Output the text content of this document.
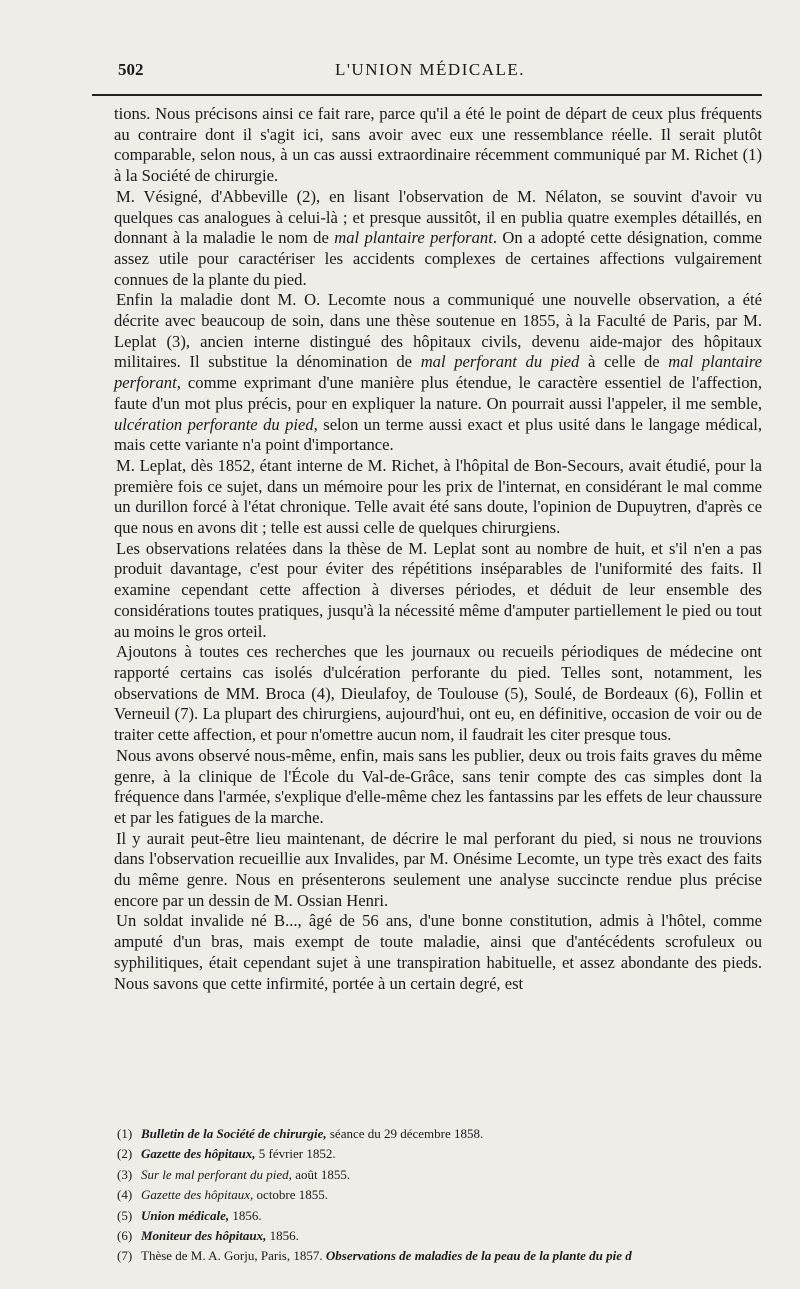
502	L'UNION MÉDICALE.

tions. Nous précisons ainsi ce fait rare, parce qu'il a été le point de départ de ceux plus fréquents au contraire dont il s'agit ici, sans avoir avec eux une ressemblance réelle. Il serait plutôt comparable, selon nous, à un cas aussi extraordinaire récemment communiqué par M. Richet (1) à la Société de chirurgie.

M. Vésigné, d'Abbeville (2), en lisant l'observation de M. Nélaton, se souvint d'avoir vu quelques cas analogues à celui-là ; et presque aussitôt, il en publia quatre exemples détaillés, en donnant à la maladie le nom de mal plantaire perforant. On a adopté cette désignation, comme assez utile pour caractériser les accidents complexes de certaines affections vulgairement connues de la plante du pied.

Enfin la maladie dont M. O. Lecomte nous a communiqué une nouvelle observation, a été décrite avec beaucoup de soin, dans une thèse soutenue en 1855, à la Faculté de Paris, par M. Leplat (3), ancien interne distingué des hôpitaux civils, devenu aide-major des hôpitaux militaires. Il substitue la dénomination de mal perforant du pied à celle de mal plantaire perforant, comme exprimant d'une manière plus étendue, le caractère essentiel de l'affection, faute d'un mot plus précis, pour en expliquer la nature. On pourrait aussi l'appeler, il me semble, ulcération perforante du pied, selon un terme aussi exact et plus usité dans le langage médical, mais cette variante n'a point d'importance.

M. Leplat, dès 1852, étant interne de M. Richet, à l'hôpital de Bon-Secours, avait étudié, pour la première fois ce sujet, dans un mémoire pour les prix de l'internat, en considérant le mal comme un durillon forcé à l'état chronique. Telle avait été sans doute, l'opinion de Dupuytren, d'après ce que nous en avons dit ; telle est aussi celle de quelques chirurgiens.

Les observations relatées dans la thèse de M. Leplat sont au nombre de huit, et s'il n'en a pas produit davantage, c'est pour éviter des répétitions inséparables de l'uniformité des faits. Il examine cependant cette affection à diverses périodes, et déduit de leur ensemble des considérations toutes pratiques, jusqu'à la nécessité même d'amputer partiellement le pied ou tout au moins le gros orteil.

Ajoutons à toutes ces recherches que les journaux ou recueils périodiques de médecine ont rapporté certains cas isolés d'ulcération perforante du pied. Telles sont, notamment, les observations de MM. Broca (4), Dieulafoy, de Toulouse (5), Soulé, de Bordeaux (6), Follin et Verneuil (7). La plupart des chirurgiens, aujourd'hui, ont eu, en définitive, occasion de voir ou de traiter cette affection, et pour n'omettre aucun nom, il faudrait les citer presque tous.

Nous avons observé nous-même, enfin, mais sans les publier, deux ou trois faits graves du même genre, à la clinique de l'École du Val-de-Grâce, sans tenir compte des cas simples dont la fréquence dans l'armée, s'explique d'elle-même chez les fantassins par les effets de leur chaussure et par les fatigues de la marche.

Il y aurait peut-être lieu maintenant, de décrire le mal perforant du pied, si nous ne trouvions dans l'observation recueillie aux Invalides, par M. Onésime Lecomte, un type très exact des faits du même genre. Nous en présenterons seulement une analyse succincte rendue plus précise encore par un dessin de M. Ossian Henri.

Un soldat invalide né B..., âgé de 56 ans, d'une bonne constitution, admis à l'hôtel, comme amputé d'un bras, mais exempt de toute maladie, ainsi que d'antécédents scrofuleux ou syphilitiques, était cependant sujet à une transpiration habituelle, et assez abondante des pieds. Nous savons que cette infirmité, portée à un certain degré, est

(1) Bulletin de la Société de chirurgie, séance du 29 décembre 1858.
(2) Gazette des hôpitaux, 5 février 1852.
(3) Sur le mal perforant du pied, août 1855.
(4) Gazette des hôpitaux, octobre 1855.
(5) Union médicale, 1856.
(6) Moniteur des hôpitaux, 1856.
(7) Thèse de M. A. Gorju, Paris, 1857. Observations de maladies de la peau de la plante du pie d
